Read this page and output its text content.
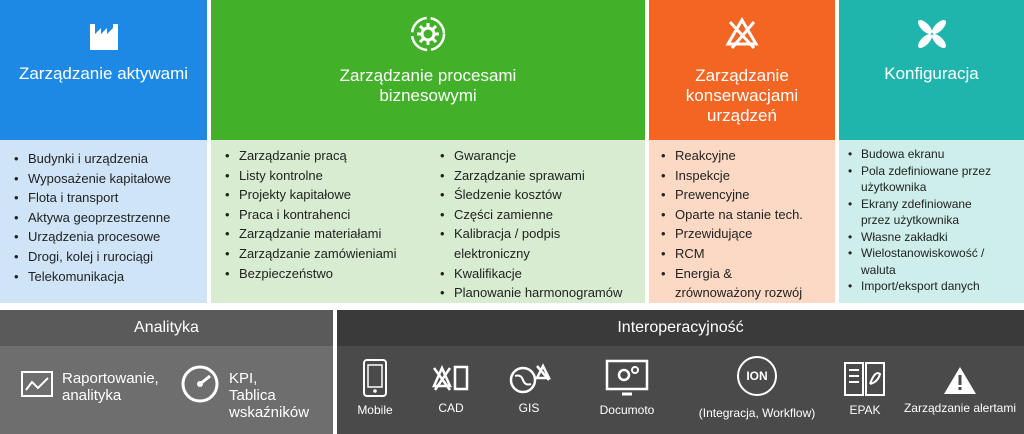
Zarządzanie aktywami
• Budynki i urządzenia
• Wyposażenie kapitałowe
• Flota i transport
• Aktywa geoprzestrzenne
• Urządzenia procesowe
• Drogi, kolej i rurociągi
• Telekomunikacja
Zarządzanie procesami
biznesowymi
• Zarządzanie pracą
• Listy kontrolne
• Projekty kapitałowe
• Praca i kontrahenci
• Zarządzanie materiałami
• Zarządzanie zamówieniami
• Bezpieczeństwo
• Gwarancje
• Zarządzanie sprawami
• Śledzenie kosztów
• Części zamienne
• Kalibracja / podpis
elektroniczny
• Kwalifikacje
• Planowanie harmonogramów
Zarządzanie
konserwacjami
urządzeń
• Reakcyjne
• Inspekcje
• Prewencyjne
• Oparte na stanie tech.
• Przewidujące
• RCM
• Energia &
zrównoważony rozwój
Konfiguracja
• Budowa ekranu
• Pola zdefiniowane przez
użytkownika
• Ekrany zdefiniowane
przez użytkownika
• Własne zakładki
• Wielostanowiskowość /
waluta
• Import/eksport danych
Analityka
Raportowanie,
analityka
KPI,
Tablica
wskaźników
Interoperacyjność
Mobile	CAD	GIS	Documoto
ION
(Integracja, Workflow)	EPAK	Zarządzanie alertami
